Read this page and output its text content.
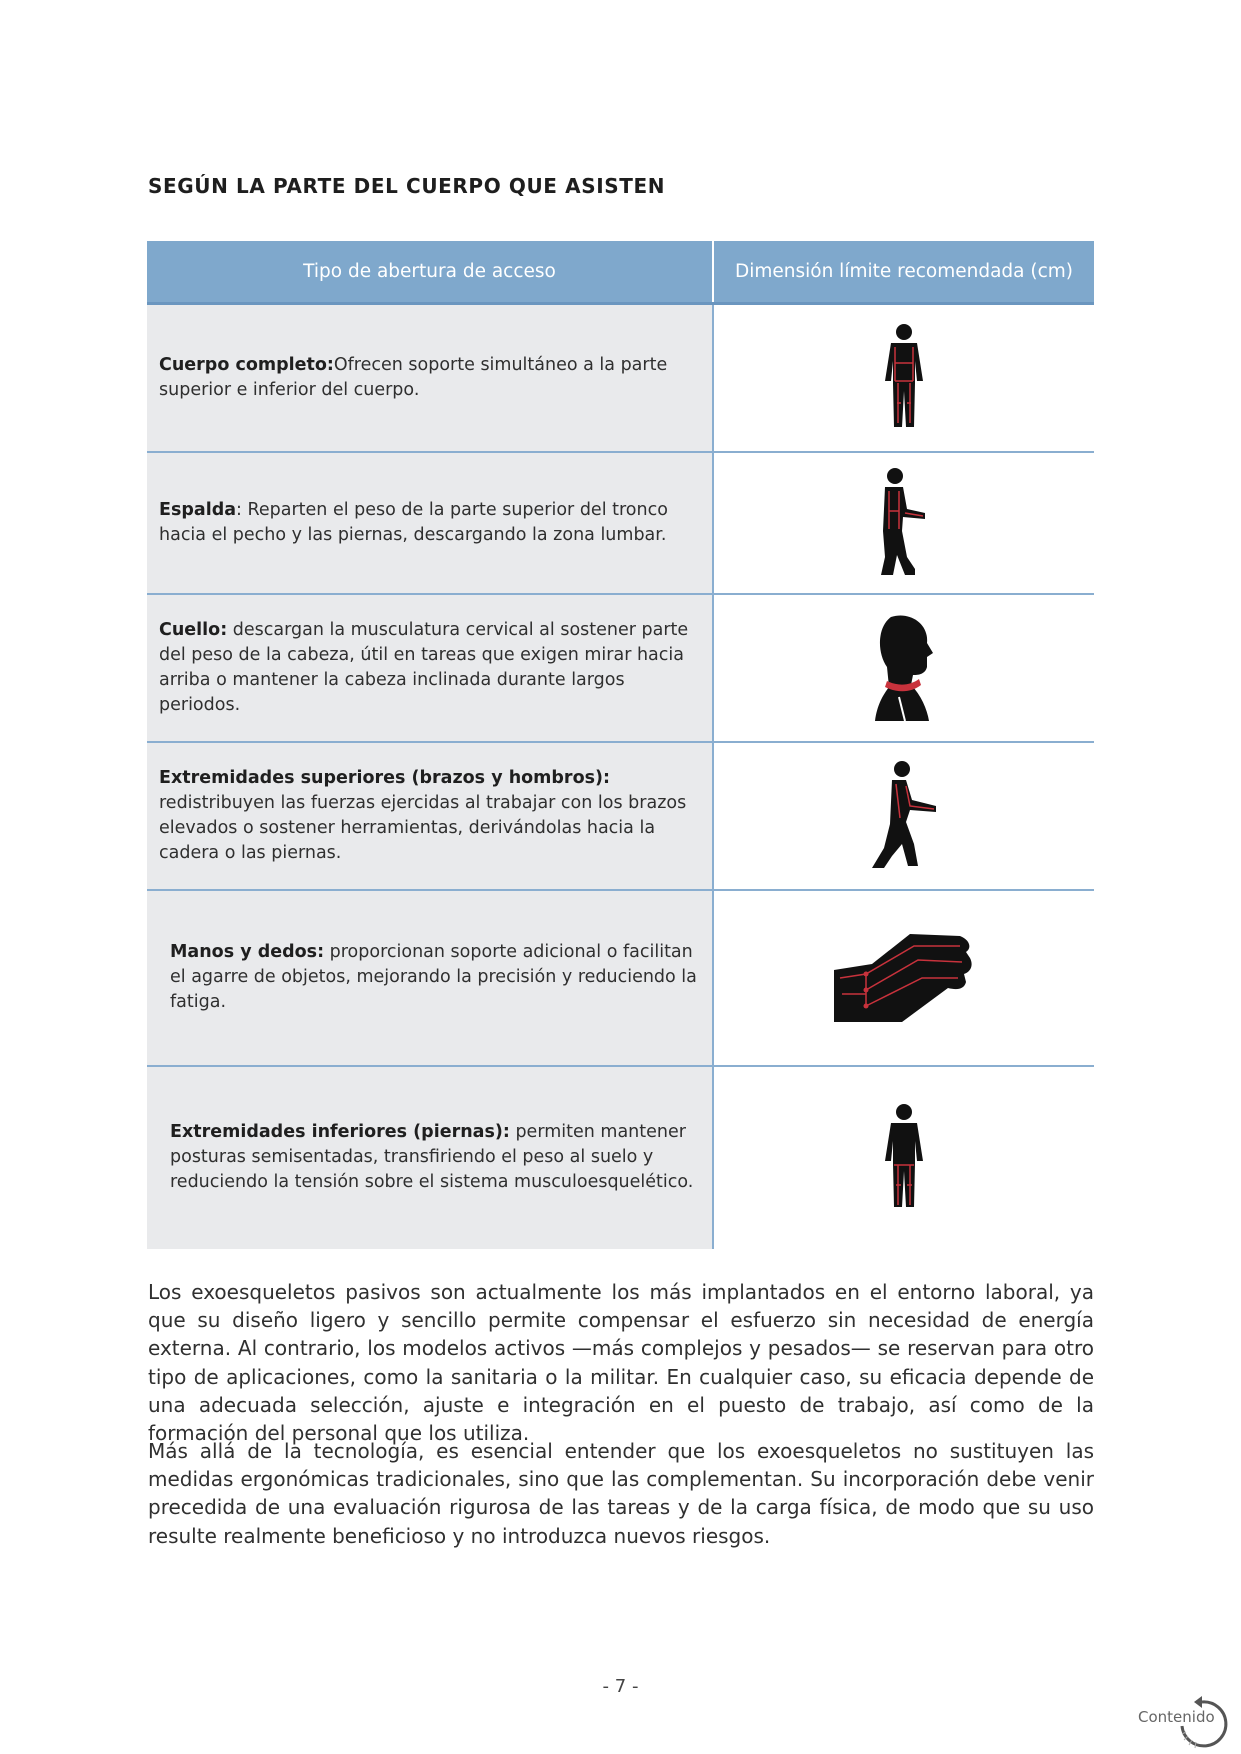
SEGÚN LA PARTE DEL CUERPO QUE ASISTEN
Tipo de abertura de acceso	Dimensión límite recomendada (cm)
Cuerpo completo:Ofrecen soporte simultáneo a la parte superior e inferior del cuerpo.	

Espalda: Reparten el peso de la parte superior del tronco hacia el pecho y las piernas, descargando la zona lumbar.	

Cuello: descargan la musculatura cervical al sostener parte del peso de la cabeza, útil en tareas que exigen mirar hacia arriba o mantener la cabeza inclinada durante largos periodos.	

Extremidades superiores (brazos y hombros): redistribuyen las fuerzas ejercidas al trabajar con los brazos elevados o sostener herramientas, derivándolas hacia la cadera o las piernas.	

Manos y dedos: proporcionan soporte adicional o facilitan el agarre de objetos, mejorando la precisión y reduciendo la fatiga.	

Extremidades inferiores (piernas): permiten mantener posturas semisentadas, transfiriendo el peso al suelo y reduciendo la tensión sobre el sistema musculoesquelético.	

Los exoesqueletos pasivos son actualmente los más implantados en el entorno laboral, ya que su diseño ligero y sencillo permite compensar el esfuerzo sin necesidad de energía externa. Al contrario, los modelos activos —más complejos y pesados— se reservan para otro tipo de aplicaciones, como la sanitaria o la militar. En cualquier caso, su eficacia depende de una adecuada selección, ajuste e integración en el puesto de trabajo, así como de la formación del personal que los utiliza.

Más allá de la tecnología, es esencial entender que los exoesqueletos no sustituyen las medidas ergonómicas tradicionales, sino que las complementan. Su incorporación debe venir precedida de una evaluación rigurosa de las tareas y de la carga física, de modo que su uso resulte realmente beneficioso y no introduzca nuevos riesgos.

- 7 -
Contenido
